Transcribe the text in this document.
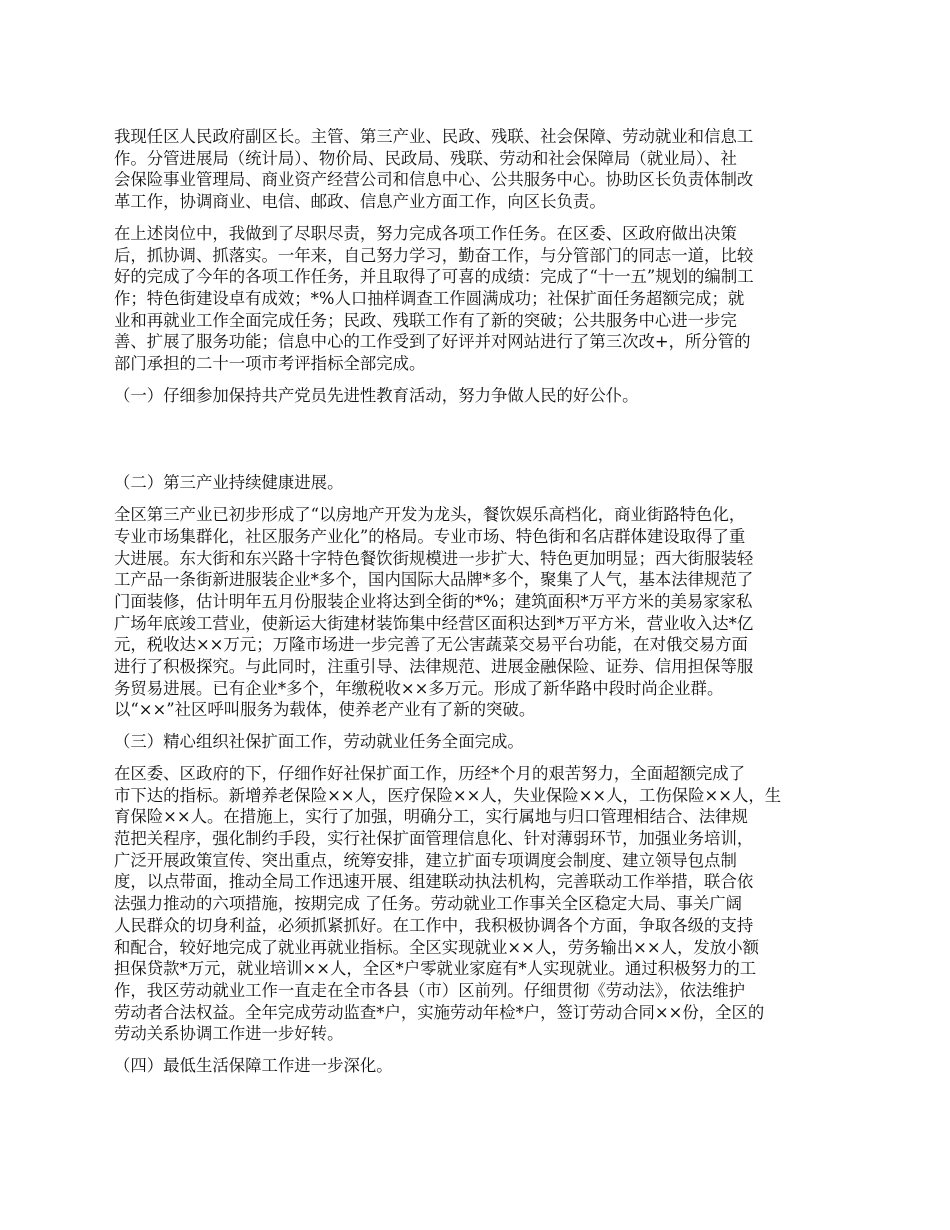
我现任区人民政府副区长。主管、第三产业、民政、残联、社会保障、劳动就业和信息工
作。分管进展局（统计局）、物价局、民政局、残联、劳动和社会保障局（就业局）、社
会保险事业管理局、商业资产经营公司和信息中心、公共服务中心。协助区长负责体制改
革工作，协调商业、电信、邮政、信息产业方面工作，向区长负责。
在上述岗位中，我做到了尽职尽责，努力完成各项工作任务。在区委、区政府做出决策
后，抓协调、抓落实。一年来，自己努力学习，勤奋工作，与分管部门的同志一道，比较
好的完成了今年的各项工作任务，并且取得了可喜的成绩：完成了“十一五”规划的编制工
作；特色街建设卓有成效；*%人口抽样调查工作圆满成功；社保扩面任务超额完成；就
业和再就业工作全面完成任务；民政、残联工作有了新的突破；公共服务中心进一步完
善、扩展了服务功能；信息中心的工作受到了好评并对网站进行了第三次改+，所分管的
部门承担的二十一项市考评指标全部完成。
（一）仔细参加保持共产党员先进性教育活动，努力争做人民的好公仆。
（二）第三产业持续健康进展。
全区第三产业已初步形成了“以房地产开发为龙头，餐饮娱乐高档化，商业街路特色化，
专业市场集群化，社区服务产业化”的格局。专业市场、特色街和名店群体建设取得了重
大进展。东大街和东兴路十字特色餐饮街规模进一步扩大、特色更加明显；西大街服装轻
工产品一条街新进服装企业*多个，国内国际大品牌*多个，聚集了人气，基本法律规范了
门面装修，估计明年五月份服装企业将达到全街的*%；建筑面积*万平方米的美易家家私
广场年底竣工营业，使新运大街建材装饰集中经营区面积达到*万平方米，营业收入达*亿
元，税收达××万元；万隆市场进一步完善了无公害蔬菜交易平台功能，在对俄交易方面
进行了积极探究。与此同时，注重引导、法律规范、进展金融保险、证券、信用担保等服
务贸易进展。已有企业*多个，年缴税收××多万元。形成了新华路中段时尚企业群。
以“××”社区呼叫服务为载体，使养老产业有了新的突破。
（三）精心组织社保扩面工作，劳动就业任务全面完成。
在区委、区政府的下，仔细作好社保扩面工作，历经*个月的艰苦努力，全面超额完成了
市下达的指标。新增养老保险××人，医疗保险××人，失业保险××人，工伤保险××人，生
育保险××人。在措施上，实行了加强，明确分工，实行属地与归口管理相结合、法律规
范把关程序，强化制约手段，实行社保扩面管理信息化、针对薄弱环节，加强业务培训，
广泛开展政策宣传、突出重点，统筹安排，建立扩面专项调度会制度、建立领导包点制
度，以点带面，推动全局工作迅速开展、组建联动执法机构，完善联动工作举措，联合依
法强力推动的六项措施，按期完成 了任务。劳动就业工作事关全区稳定大局、事关广阔
人民群众的切身利益，必须抓紧抓好。在工作中，我积极协调各个方面，争取各级的支持
和配合，较好地完成了就业再就业指标。全区实现就业××人，劳务输出××人，发放小额
担保贷款*万元，就业培训××人，全区*户零就业家庭有*人实现就业。通过积极努力的工
作，我区劳动就业工作一直走在全市各县（市）区前列。仔细贯彻《劳动法》，依法维护
劳动者合法权益。全年完成劳动监查*户，实施劳动年检*户，签订劳动合同××份，全区的
劳动关系协调工作进一步好转。
（四）最低生活保障工作进一步深化。
